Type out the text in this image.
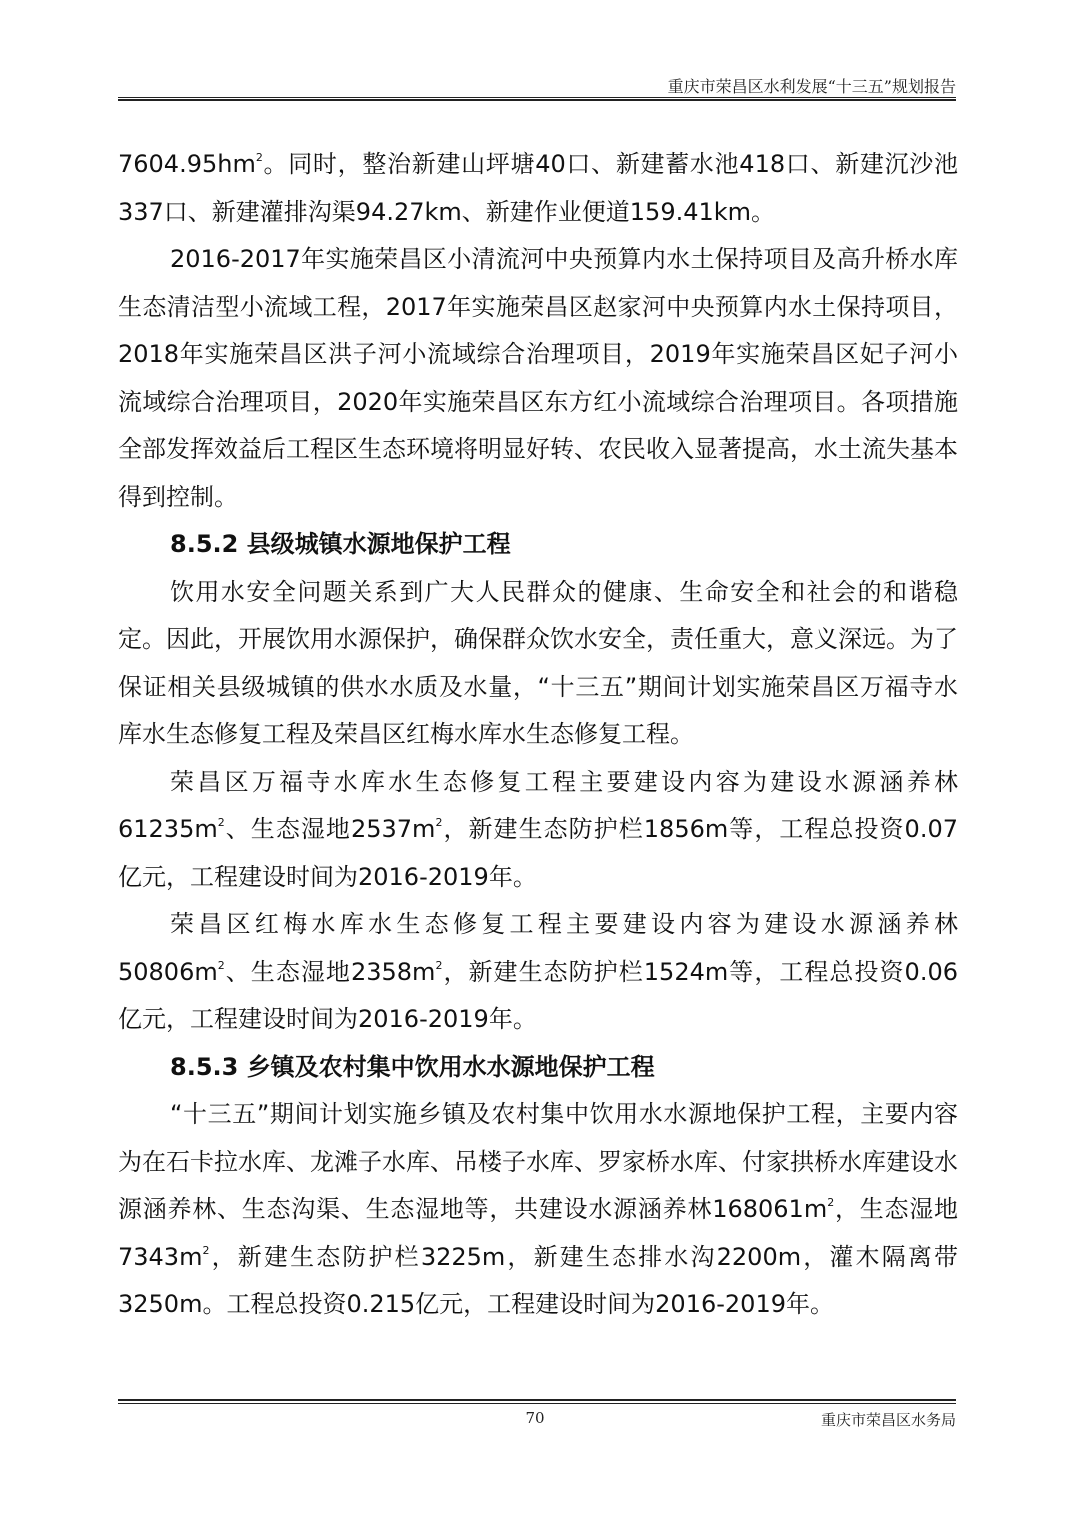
重庆市荣昌区水利发展“十三五”规划报告

$7604.95hm^2$。同时，整治新建山坪塘40口、新建蓄水池418口、新建沉沙池337口、新建灌排沟渠94.27km、新建作业便道159.41km。

2016-2017年实施荣昌区小清流河中央预算内水土保持项目及高升桥水库生态清洁型小流域工程，2017年实施荣昌区赵家河中央预算内水土保持项目，2018年实施荣昌区洪子河小流域综合治理项目，2019年实施荣昌区妃子河小流域综合治理项目，2020年实施荣昌区东方红小流域综合治理项目。各项措施全部发挥效益后工程区生态环境将明显好转、农民收入显著提高，水土流失基本得到控制。

8.5.2 县级城镇水源地保护工程

饮用水安全问题关系到广大人民群众的健康、生命安全和社会的和谐稳定。因此，开展饮用水源保护，确保群众饮水安全，责任重大，意义深远。为了保证相关县级城镇的供水水质及水量，“十三五”期间计划实施荣昌区万福寺水库水生态修复工程及荣昌区红梅水库水生态修复工程。

荣昌区万福寺水库水生态修复工程主要建设内容为建设水源涵养林$61235m^2$、生态湿地$2537m^2$，新建生态防护栏1856m等，工程总投资0.07亿元，工程建设时间为2016-2019年。

荣昌区红梅水库水生态修复工程主要建设内容为建设水源涵养林$50806m^2$、生态湿地$2358m^2$，新建生态防护栏1524m等，工程总投资0.06亿元，工程建设时间为2016-2019年。

8.5.3 乡镇及农村集中饮用水水源地保护工程

“十三五”期间计划实施乡镇及农村集中饮用水水源地保护工程，主要内容为在石卡拉水库、龙滩子水库、吊楼子水库、罗家桥水库、付家拱桥水库建设水源涵养林、生态沟渠、生态湿地等，共建设水源涵养林$168061m^2$，生态湿地$7343m^2$，新建生态防护栏3225m，新建生态排水沟2200m，灌木隔离带3250m。工程总投资0.215亿元，工程建设时间为2016-2019年。

70	重庆市荣昌区水务局
